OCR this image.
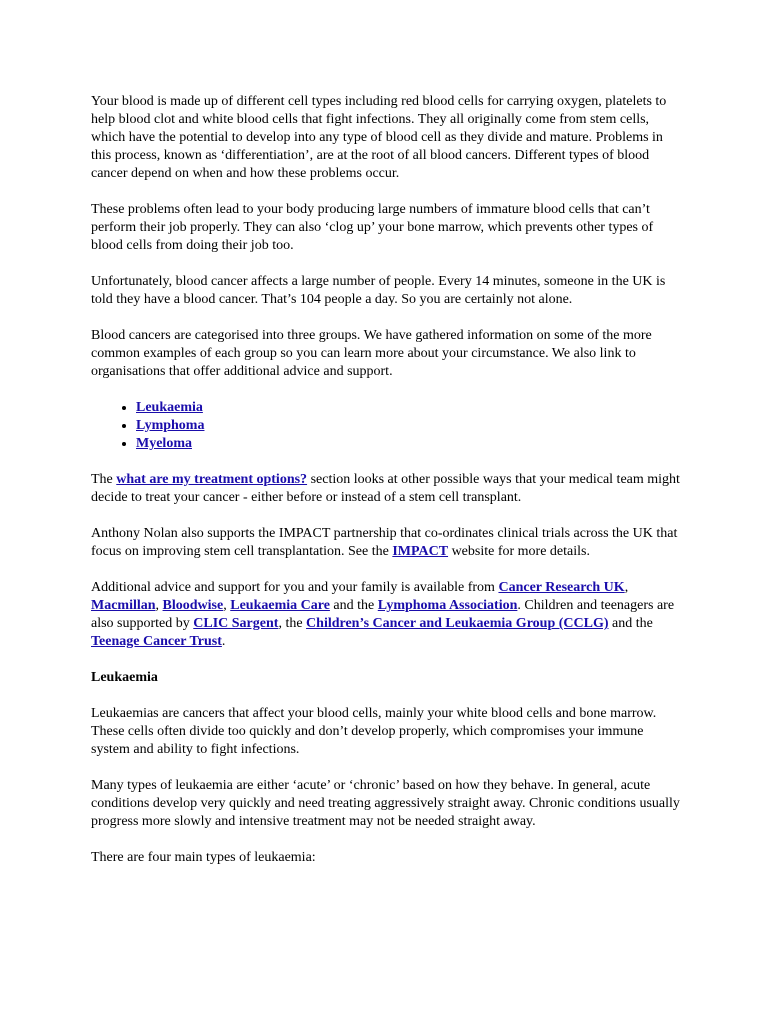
Your blood is made up of different cell types including red blood cells for carrying oxygen, platelets to help blood clot and white blood cells that fight infections. They all originally come from stem cells, which have the potential to develop into any type of blood cell as they divide and mature. Problems in this process, known as ‘differentiation’, are at the root of all blood cancers. Different types of blood cancer depend on when and how these problems occur.

These problems often lead to your body producing large numbers of immature blood cells that can’t perform their job properly. They can also ‘clog up’ your bone marrow, which prevents other types of blood cells from doing their job too.

Unfortunately, blood cancer affects a large number of people. Every 14 minutes, someone in the UK is told they have a blood cancer. That’s 104 people a day. So you are certainly not alone.

Blood cancers are categorised into three groups. We have gathered information on some of the more common examples of each group so you can learn more about your circumstance. We also link to organisations that offer additional advice and support.

• Leukaemia
• Lymphoma
• Myeloma

The what are my treatment options? section looks at other possible ways that your medical team might decide to treat your cancer - either before or instead of a stem cell transplant.

Anthony Nolan also supports the IMPACT partnership that co-ordinates clinical trials across the UK that focus on improving stem cell transplantation. See the IMPACT website for more details.

Additional advice and support for you and your family is available from Cancer Research UK, Macmillan, Bloodwise, Leukaemia Care and the Lymphoma Association. Children and teenagers are also supported by CLIC Sargent, the Children’s Cancer and Leukaemia Group (CCLG) and the Teenage Cancer Trust.

Leukaemia

Leukaemias are cancers that affect your blood cells, mainly your white blood cells and bone marrow. These cells often divide too quickly and don’t develop properly, which compromises your immune system and ability to fight infections.

Many types of leukaemia are either ‘acute’ or ‘chronic’ based on how they behave. In general, acute conditions develop very quickly and need treating aggressively straight away. Chronic conditions usually progress more slowly and intensive treatment may not be needed straight away.

There are four main types of leukaemia:
